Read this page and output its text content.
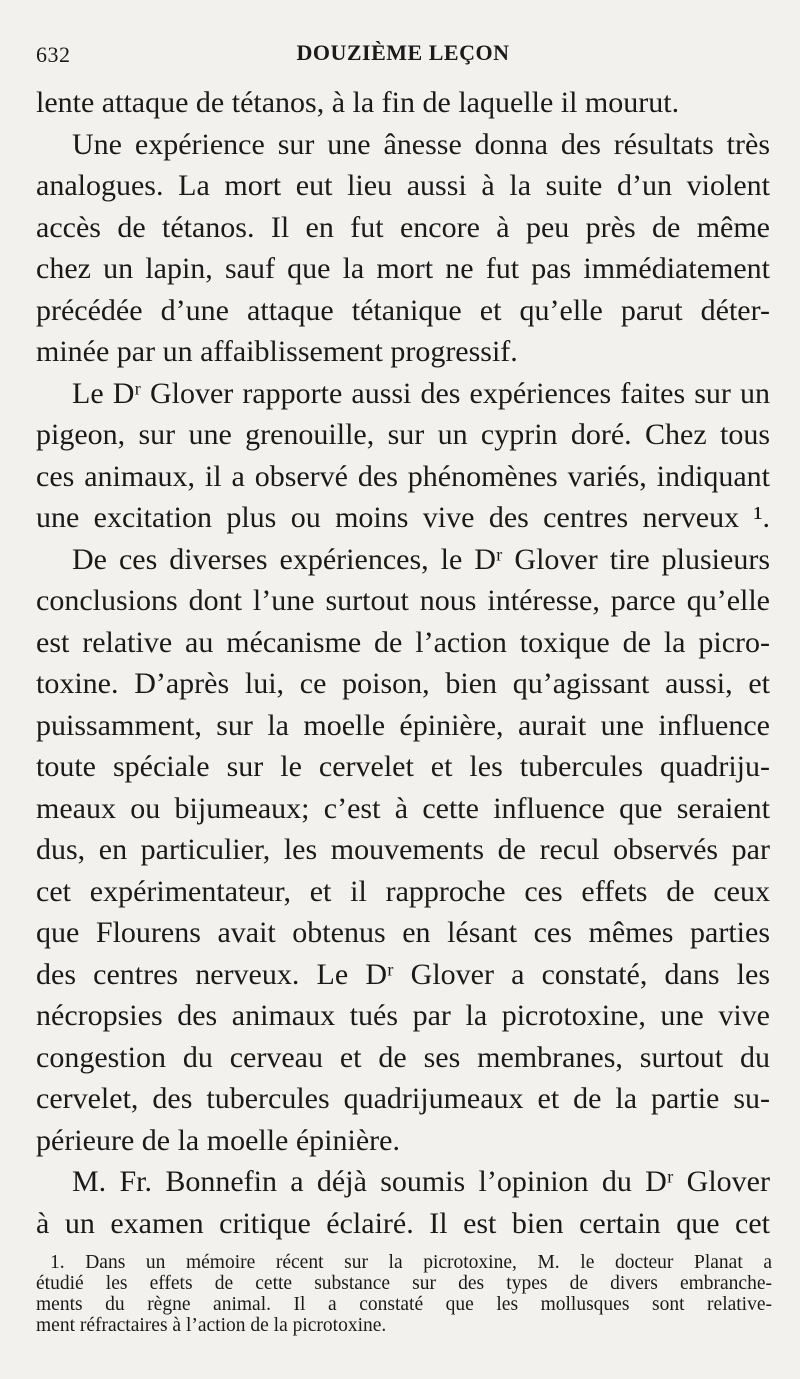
632	DOUZIÈME LEÇON
lente attaque de tétanos, à la fin de laquelle il mourut.
Une expérience sur une ânesse donna des résultats très
analogues. La mort eut lieu aussi à la suite d’un violent
accès de tétanos. Il en fut encore à peu près de même
chez un lapin, sauf que la mort ne fut pas immédiatement
précédée d’une attaque tétanique et qu’elle parut déter-
minée par un affaiblissement progressif.
Le Dʳ Glover rapporte aussi des expériences faites sur un
pigeon, sur une grenouille, sur un cyprin doré. Chez tous
ces animaux, il a observé des phénomènes variés, indiquant
une excitation plus ou moins vive des centres nerveux ¹.
De ces diverses expériences, le Dʳ Glover tire plusieurs
conclusions dont l’une surtout nous intéresse, parce qu’elle
est relative au mécanisme de l’action toxique de la picro-
toxine. D’après lui, ce poison, bien qu’agissant aussi, et
puissamment, sur la moelle épinière, aurait une influence
toute spéciale sur le cervelet et les tubercules quadriju-
meaux ou bijumeaux; c’est à cette influence que seraient
dus, en particulier, les mouvements de recul observés par
cet expérimentateur, et il rapproche ces effets de ceux
que Flourens avait obtenus en lésant ces mêmes parties
des centres nerveux. Le Dʳ Glover a constaté, dans les
nécropsies des animaux tués par la picrotoxine, une vive
congestion du cerveau et de ses membranes, surtout du
cervelet, des tubercules quadrijumeaux et de la partie su-
périeure de la moelle épinière.
M. Fr. Bonnefin a déjà soumis l’opinion du Dʳ Glover
à un examen critique éclairé. Il est bien certain que cet
1. Dans un mémoire récent sur la picrotoxine, M. le docteur Planat a
étudié les effets de cette substance sur des types de divers embranche-
ments du règne animal. Il a constaté que les mollusques sont relative-
ment réfractaires à l’action de la picrotoxine.
